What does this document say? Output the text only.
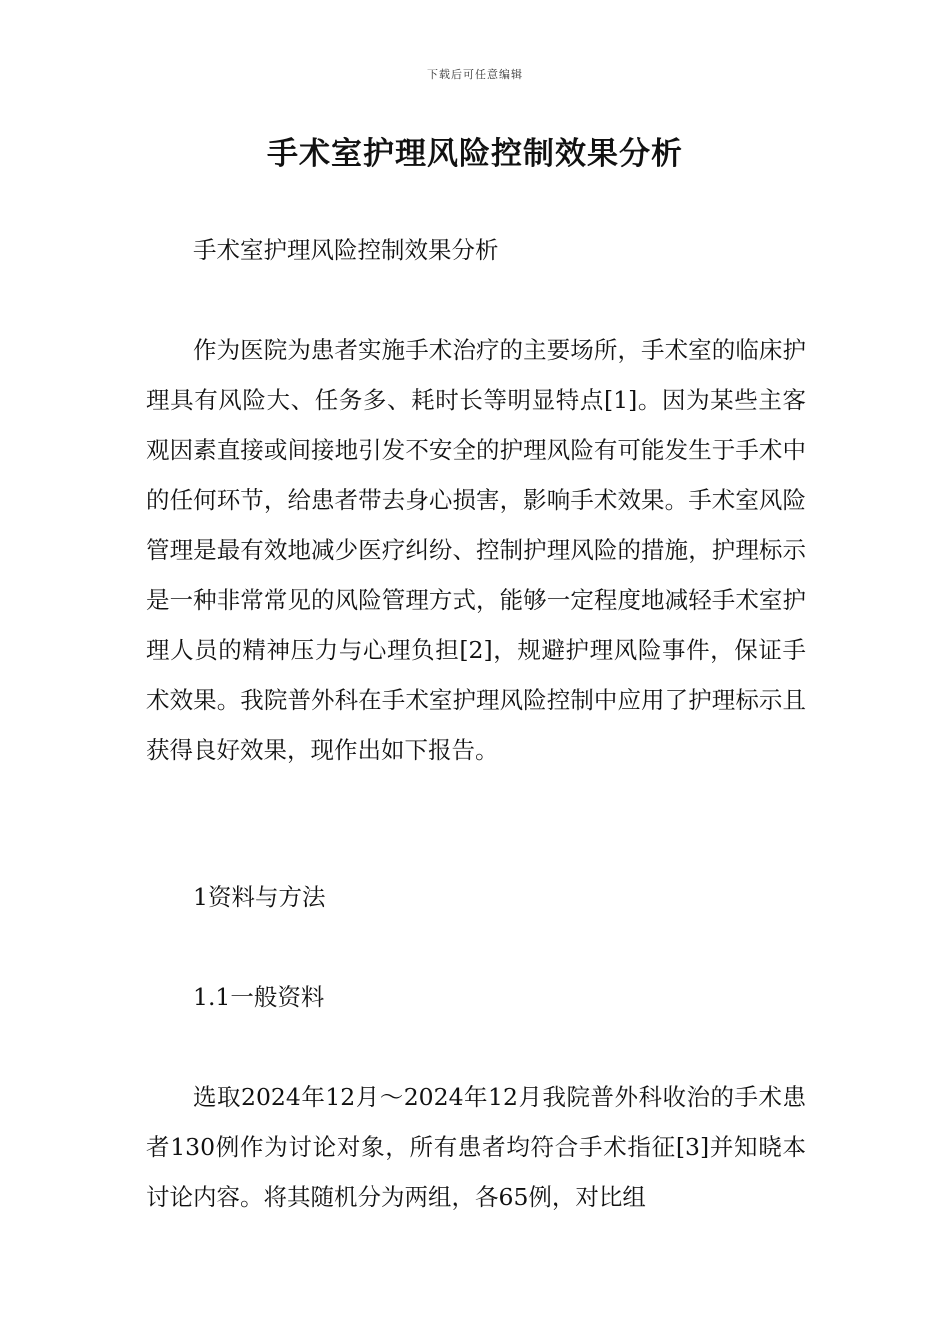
下载后可任意编辑
手术室护理风险控制效果分析

手术室护理风险控制效果分析

作为医院为患者实施手术治疗的主要场所，手术室的临床护理具有风险大、任务多、耗时长等明显特点[1]。因为某些主客观因素直接或间接地引发不安全的护理风险有可能发生于手术中的任何环节，给患者带去身心损害，影响手术效果。手术室风险管理是最有效地减少医疗纠纷、控制护理风险的措施，护理标示是一种非常常见的风险管理方式，能够一定程度地减轻手术室护理人员的精神压力与心理负担[2]，规避护理风险事件，保证手术效果。我院普外科在手术室护理风险控制中应用了护理标示且获得良好效果，现作出如下报告。

1资料与方法

1.1一般资料

选取2024年12月～2024年12月我院普外科收治的手术患者130例作为讨论对象，所有患者均符合手术指征[3]并知晓本讨论内容。将其随机分为两组，各65例，对比组
